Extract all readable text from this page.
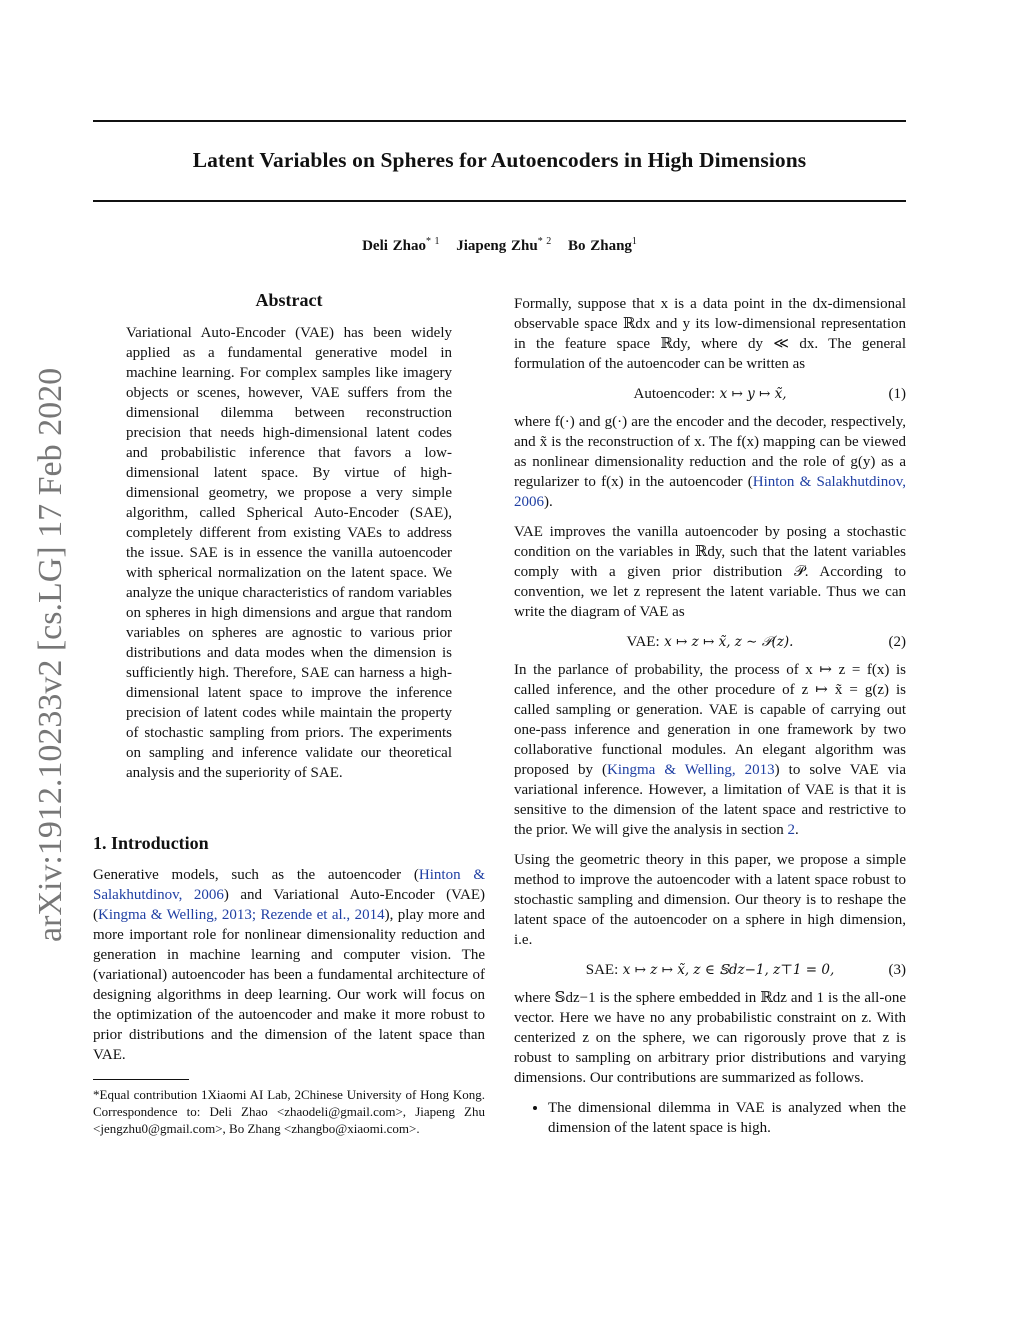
Latent Variables on Spheres for Autoencoders in High Dimensions
Deli Zhao$^{* 1}$ Jiapeng Zhu$^{* 2}$ Bo Zhang$^1$
arXiv:1912.10233v2 [cs.LG] 17 Feb 2020
Abstract

Variational Auto-Encoder (VAE) has been widely applied as a fundamental generative model in machine learning. For complex samples like imagery objects or scenes, however, VAE suffers from the dimensional dilemma between reconstruction precision that needs high-dimensional latent codes and probabilistic inference that favors a low-dimensional latent space. By virtue of high-dimensional geometry, we propose a very simple algorithm, called Spherical Auto-Encoder (SAE), completely different from existing VAEs to address the issue. SAE is in essence the vanilla autoencoder with spherical normalization on the latent space. We analyze the unique characteristics of random variables on spheres in high dimensions and argue that random variables on spheres are agnostic to various prior distributions and data modes when the dimension is sufficiently high. Therefore, SAE can harness a high-dimensional latent space to improve the inference precision of latent codes while maintain the property of stochastic sampling from priors. The experiments on sampling and inference validate our theoretical analysis and the superiority of SAE.

1. Introduction

Generative models, such as the autoencoder (Hinton & Salakhutdinov, 2006) and Variational Auto-Encoder (VAE) (Kingma & Welling, 2013; Rezende et al., 2014), play more and more important role for nonlinear dimensionality reduction and generation in machine learning and computer vision. The (variational) autoencoder has been a fundamental architecture of designing algorithms in deep learning. Our work will focus on the optimization of the autoencoder and make it more robust to prior distributions and the dimension of the latent space than VAE.

*Equal contribution 1Xiaomi AI Lab, 2Chinese University of Hong Kong. Correspondence to: Deli Zhao <zhaodeli@gmail.com>, Jiapeng Zhu <jengzhu0@gmail.com>, Bo Zhang <zhangbo@xiaomi.com>.

Formally, suppose that x is a data point in the dx-dimensional observable space ℝdx and y its low-dimensional representation in the feature space ℝdy, where dy ≪ dx. The general formulation of the autoencoder can be written as

Autoencoder: x ↦ y ↦ x̃,	(1)

where f(·) and g(·) are the encoder and the decoder, respectively, and x̃ is the reconstruction of x. The f(x) mapping can be viewed as nonlinear dimensionality reduction and the role of g(y) as a regularizer to f(x) in the autoencoder (Hinton & Salakhutdinov, 2006).

VAE improves the vanilla autoencoder by posing a stochastic condition on the variables in ℝdy, such that the latent variables comply with a given prior distribution 𝒫. According to convention, we let z represent the latent variable. Thus we can write the diagram of VAE as

VAE: x ↦ z ↦ x̃, z ∼ 𝒫(z).	(2)

In the parlance of probability, the process of x ↦ z = f(x) is called inference, and the other procedure of z ↦ x̃ = g(z) is called sampling or generation. VAE is capable of carrying out one-pass inference and generation in one framework by two collaborative functional modules. An elegant algorithm was proposed by (Kingma & Welling, 2013) to solve VAE via variational inference. However, a limitation of VAE is that it is sensitive to the dimension of the latent space and restrictive to the prior. We will give the analysis in section 2.

Using the geometric theory in this paper, we propose a simple method to improve the autoencoder with a latent space robust to stochastic sampling and dimension. Our theory is to reshape the latent space of the autoencoder on a sphere in high dimension, i.e.

SAE: x ↦ z ↦ x̃, z ∈ 𝕊dz−1, z⊤1 = 0,	(3)

where 𝕊dz−1 is the sphere embedded in ℝdz and 1 is the all-one vector. Here we have no any probabilistic constraint on z. With centerized z on the sphere, we can rigorously prove that z is robust to sampling on arbitrary prior distributions and varying dimensions. Our contributions are summarized as follows.

• The dimensional dilemma in VAE is analyzed when the dimension of the latent space is high.
